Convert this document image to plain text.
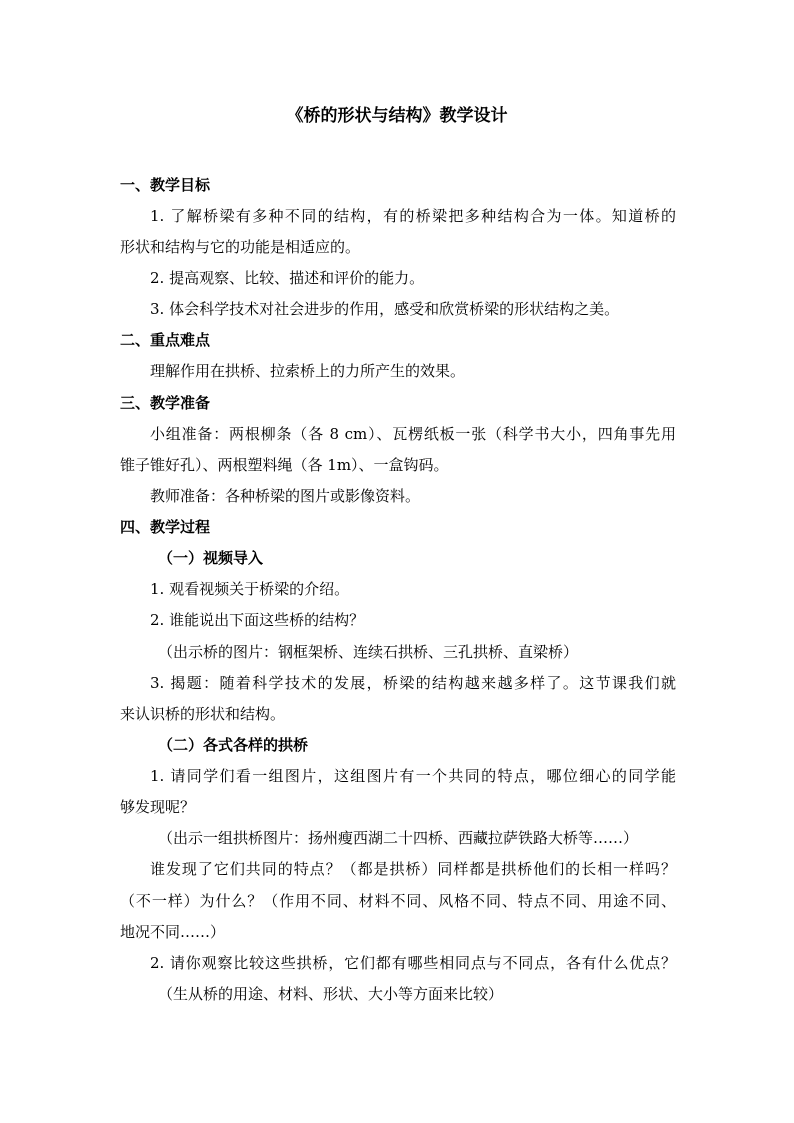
《桥的形状与结构》教学设计
一、教学目标
1. 了解桥梁有多种不同的结构，有的桥梁把多种结构合为一体。知道桥的
形状和结构与它的功能是相适应的。
2. 提高观察、比较、描述和评价的能力。
3. 体会科学技术对社会进步的作用，感受和欣赏桥梁的形状结构之美。
二、重点难点
理解作用在拱桥、拉索桥上的力所产生的效果。
三、教学准备
小组准备：两根柳条（各 8 cm）、瓦楞纸板一张（科学书大小，四角事先用
锥子锥好孔）、两根塑料绳（各 1m）、一盒钩码。
教师准备：各种桥梁的图片或影像资料。
四、教学过程
（一）视频导入
1. 观看视频关于桥梁的介绍。
2. 谁能说出下面这些桥的结构？
（出示桥的图片：钢框架桥、连续石拱桥、三孔拱桥、直梁桥）
3. 揭题：随着科学技术的发展，桥梁的结构越来越多样了。这节课我们就
来认识桥的形状和结构。
（二）各式各样的拱桥
1. 请同学们看一组图片，这组图片有一个共同的特点，哪位细心的同学能
够发现呢？
（出示一组拱桥图片：扬州瘦西湖二十四桥、西藏拉萨铁路大桥等……）
谁发现了它们共同的特点？（都是拱桥）同样都是拱桥他们的长相一样吗？
（不一样）为什么？（作用不同、材料不同、风格不同、特点不同、用途不同、
地况不同……）
2. 请你观察比较这些拱桥，它们都有哪些相同点与不同点，各有什么优点？
（生从桥的用途、材料、形状、大小等方面来比较）
